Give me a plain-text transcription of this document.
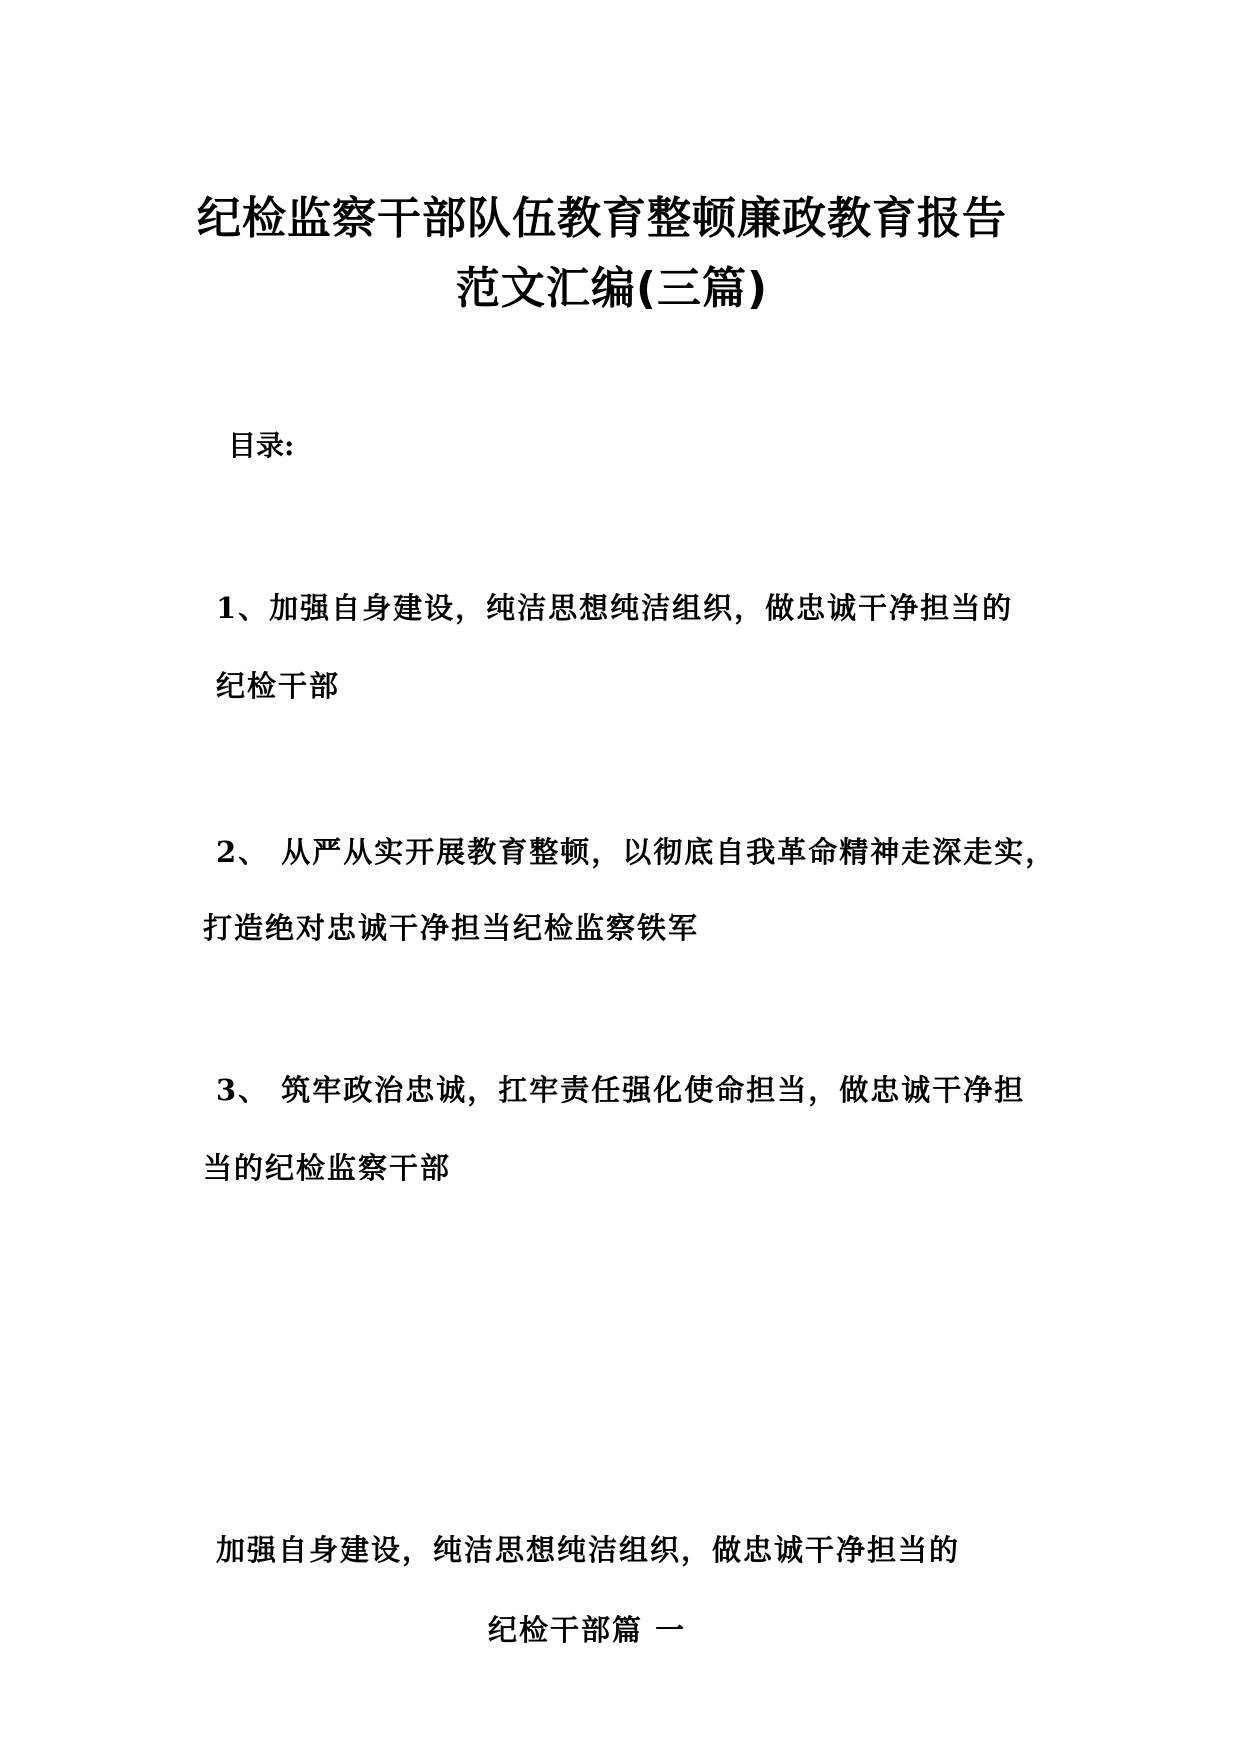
纪检监察干部队伍教育整顿廉政教育报告
范文汇编(三篇)
目录:
1、加强自身建设，纯洁思想纯洁组织，做忠诚干净担当的
纪检干部
2、 从严从实开展教育整顿，以彻底自我革命精神走深走实，
打造绝对忠诚干净担当纪检监察铁军
3、 筑牢政治忠诚，扛牢责任强化使命担当，做忠诚干净担
当的纪检监察干部
加强自身建设，纯洁思想纯洁组织，做忠诚干净担当的
纪检干部篇 一
